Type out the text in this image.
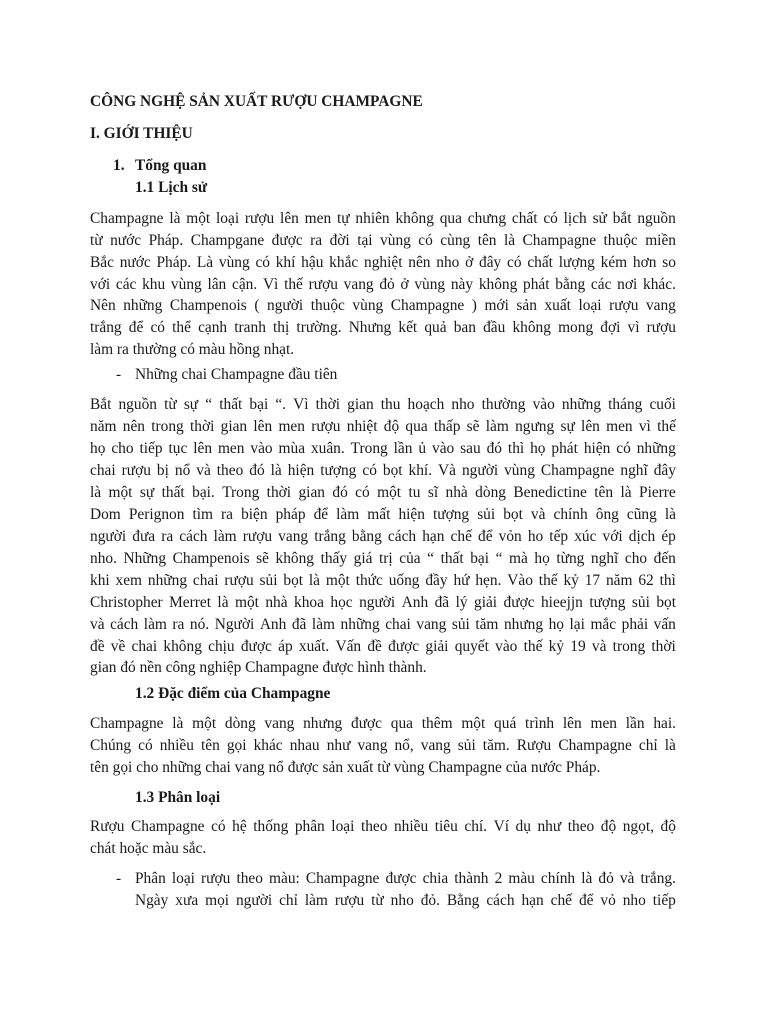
CÔNG NGHỆ SẢN XUẤT RƯỢU CHAMPAGNE
I. GIỚI THIỆU
1. Tổng quan
1.1 Lịch sử
Champagne là một loại rượu lên men tự nhiên không qua chưng chất có lịch sử bắt nguồn
từ nước Pháp. Champgane được ra đời tại vùng có cùng tên là Champagne thuộc miền
Bắc nước Pháp. Là vùng có khí hậu khắc nghiệt nên nho ở đây có chất lượng kém hơn so
với các khu vùng lân cận. Vì thế rượu vang đỏ ở vùng này không phát bằng các nơi khác.
Nên những Champenois ( người thuộc vùng Champagne ) mới sản xuất loại rượu vang
trắng để có thể cạnh tranh thị trường. Nhưng kết quả ban đầu không mong đợi vì rượu
làm ra thường có màu hồng nhạt.
- Những chai Champagne đầu tiên
Bắt nguồn từ sự “ thất bại “. Vì thời gian thu hoạch nho thường vào những tháng cuối
năm nên trong thời gian lên men rượu nhiệt độ qua thấp sẽ làm ngưng sự lên men vì thế
họ cho tiếp tục lên men vào mùa xuân. Trong lần ủ vào sau đó thì họ phát hiện có những
chai rượu bị nổ và theo đó là hiện tượng có bọt khí. Và người vùng Champagne nghĩ đây
là một sự thất bại. Trong thời gian đó có một tu sĩ nhà dòng Benedictine tên là Pierre
Dom Perignon tìm ra biện pháp để làm mất hiện tượng sủi bọt và chính ông cũng là
người đưa ra cách làm rượu vang trắng bằng cách hạn chế để vỏn ho tếp xúc với dịch ép
nho. Những Champenois sẽ không thấy giá trị của “ thất bại “ mà họ từng nghĩ cho đến
khi xem những chai rượu sủi bọt là một thức uống đầy hứ hẹn. Vào thế kỷ 17 năm 62 thì
Christopher Merret là một nhà khoa học người Anh đã lý giải được hieejjn tượng sủi bọt
và cách làm ra nó. Người Anh đã làm những chai vang sủi tăm nhưng họ lại mắc phải vấn
đề về chai không chịu được áp xuất. Vấn đề được giải quyết vào thế kỷ 19 và trong thời
gian đó nền công nghiệp Champagne được hình thành.
1.2 Đặc điểm của Champagne
Champagne là một dòng vang nhưng được qua thêm một quá trình lên men lần hai.
Chúng có nhiều tên gọi khác nhau như vang nổ, vang sủi tăm. Rượu Champagne chỉ là
tên gọi cho những chai vang nổ được sản xuất từ vùng Champagne của nước Pháp.
1.3 Phân loại
Rượu Champagne có hệ thống phân loại theo nhiều tiêu chí. Ví dụ như theo độ ngọt, độ
chát hoặc màu sắc.
- Phân loại rượu theo màu: Champagne được chia thành 2 màu chính là đỏ và trắng.
Ngày xưa mọi người chỉ làm rượu từ nho đỏ. Bằng cách hạn chế để vỏ nho tiếp
